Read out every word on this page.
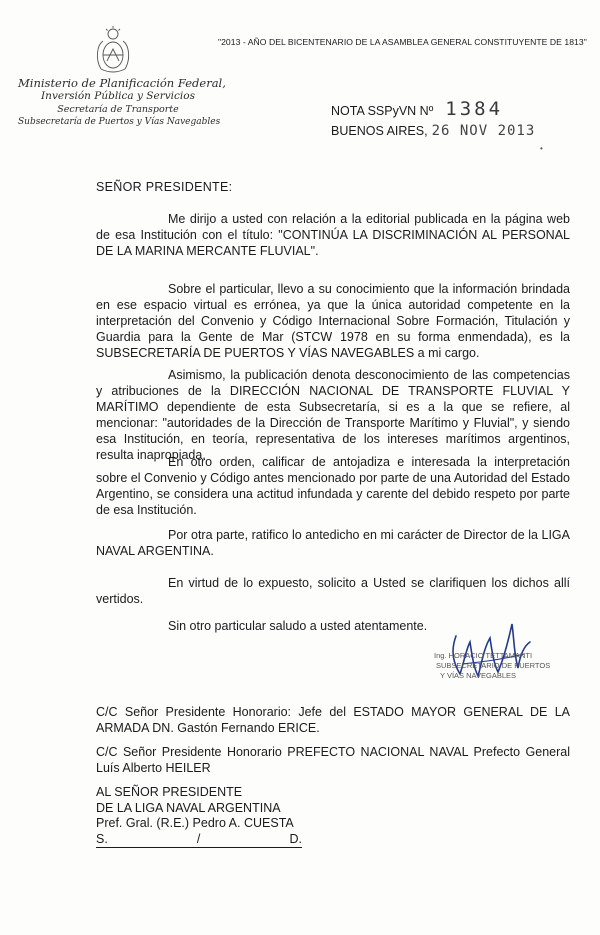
"2013 - AÑO DEL BICENTENARIO DE LA ASAMBLEA GENERAL CONSTITUYENTE DE 1813"
Ministerio de Planificación Federal,
Inversión Pública y Servicios
Secretaría de Transporte
Subsecretaría de Puertos y Vías Navegables
NOTA SSPyVN Nº 1384
BUENOS AIRES, 26 NOV 2013
•
SEÑOR PRESIDENTE:
Me dirijo a usted con relación a la editorial publicada en la página web de esa Institución con el título: "CONTINÚA LA DISCRIMINACIÓN AL PERSONAL DE LA MARINA MERCANTE FLUVIAL".
Sobre el particular, llevo a su conocimiento que la información brindada en ese espacio virtual es errónea, ya que la única autoridad competente en la interpretación del Convenio y Código Internacional Sobre Formación, Titulación y Guardia para la Gente de Mar (STCW 1978 en su forma enmendada), es la SUBSECRETARÍA DE PUERTOS Y VÍAS NAVEGABLES a mi cargo.
Asimismo, la publicación denota desconocimiento de las competencias y atribuciones de la DIRECCIÓN NACIONAL DE TRANSPORTE FLUVIAL Y MARÍTIMO dependiente de esta Subsecretaría, si es a la que se refiere, al mencionar: "autoridades de la Dirección de Transporte Marítimo y Fluvial", y siendo esa Institución, en teoría, representativa de los intereses marítimos argentinos, resulta inapropiada.
En otro orden, calificar de antojadiza e interesada la interpretación sobre el Convenio y Código antes mencionado por parte de una Autoridad del Estado Argentino, se considera una actitud infundada y carente del debido respeto por parte de esa Institución.
Por otra parte, ratifico lo antedicho en mi carácter de Director de la LIGA NAVAL ARGENTINA.
En virtud de lo expuesto, solicito a Usted se clarifiquen los dichos allí vertidos.
Sin otro particular saludo a usted atentamente.
Ing. HORACIO TETTAMANTI
SUBSECRETARIO DE PUERTOS
Y VÍAS NAVEGABLES
C/C Señor Presidente Honorario: Jefe del ESTADO MAYOR GENERAL DE LA ARMADA DN. Gastón Fernando ERICE.
C/C Señor Presidente Honorario PREFECTO NACIONAL NAVAL Prefecto General Luís Alberto HEILER
AL SEÑOR PRESIDENTE
DE LA LIGA NAVAL ARGENTINA
Pref. Gral. (R.E.) Pedro A. CUESTA
S.	/	D.
